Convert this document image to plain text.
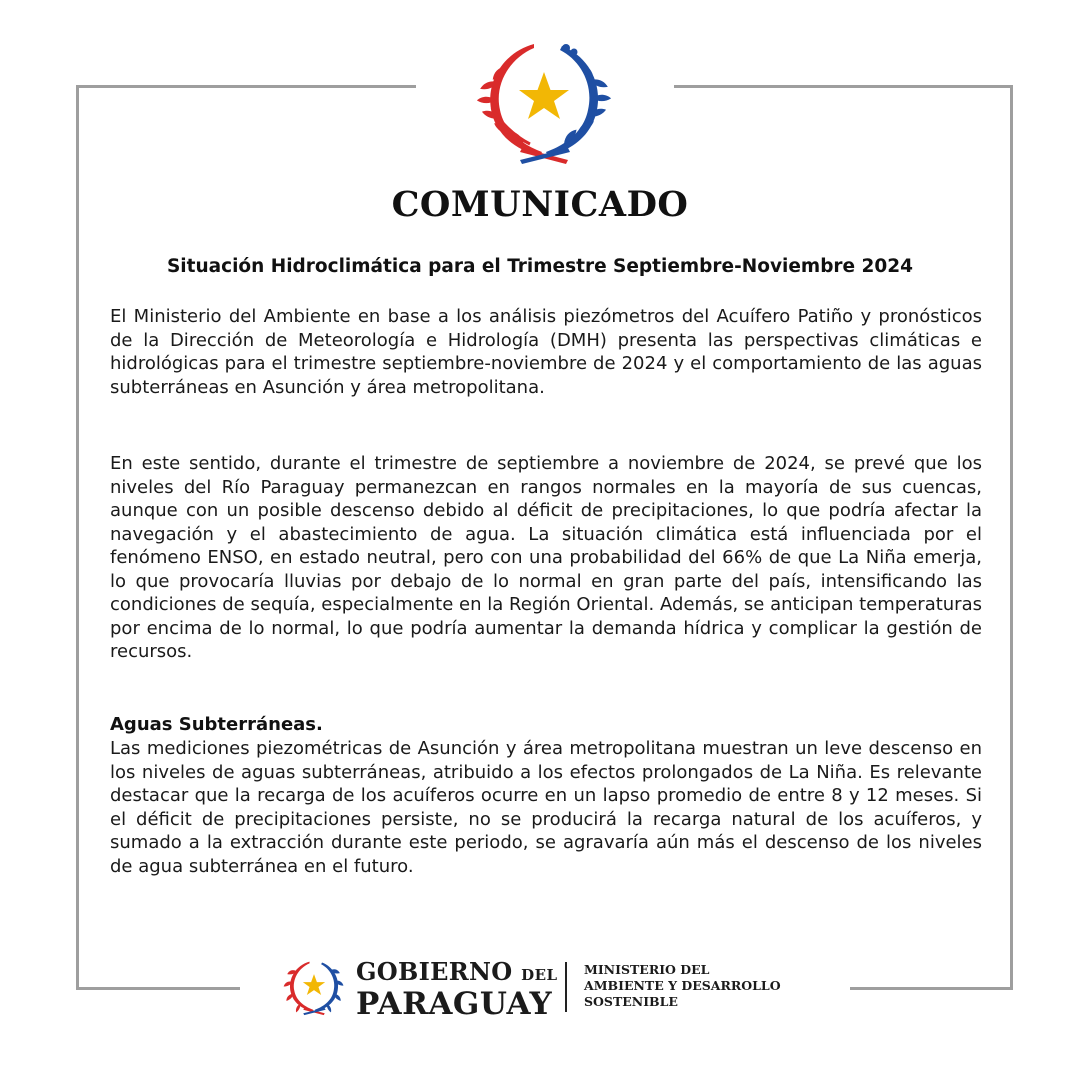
COMUNICADO
Situación Hidroclimática para el Trimestre Septiembre-Noviembre 2024
El Ministerio del Ambiente en base a los análisis piezómetros del Acuífero Patiño y pronósticos de la Dirección de Meteorología e Hidrología (DMH) presenta las perspectivas climáticas e hidrológicas para el trimestre septiembre-noviembre de 2024 y el comportamiento de las aguas subterráneas en Asunción y área metropolitana.
En este sentido, durante el trimestre de septiembre a noviembre de 2024, se prevé que los niveles del Río Paraguay permanezcan en rangos normales en la mayoría de sus cuencas, aunque con un posible descenso debido al déficit de precipitaciones, lo que podría afectar la navegación y el abastecimiento de agua. La situación climática está influenciada por el fenómeno ENSO, en estado neutral, pero con una probabilidad del 66% de que La Niña emerja, lo que provocaría lluvias por debajo de lo normal en gran parte del país, intensificando las condiciones de sequía, especialmente en la Región Oriental. Además, se anticipan temperaturas por encima de lo normal, lo que podría aumentar la demanda hídrica y complicar la gestión de recursos.
Aguas Subterráneas.
Las mediciones piezométricas de Asunción y área metropolitana muestran un leve descenso en los niveles de aguas subterráneas, atribuido a los efectos prolongados de La Niña. Es relevante destacar que la recarga de los acuíferos ocurre en un lapso promedio de entre 8 y 12 meses. Si el déficit de precipitaciones persiste, no se producirá la recarga natural de los acuíferos, y sumado a la extracción durante este periodo, se agravaría aún más el descenso de los niveles de agua subterránea en el futuro.
GOBIERNO DEL
PARAGUAY
MINISTERIO DEL
AMBIENTE Y DESARROLLO
SOSTENIBLE
